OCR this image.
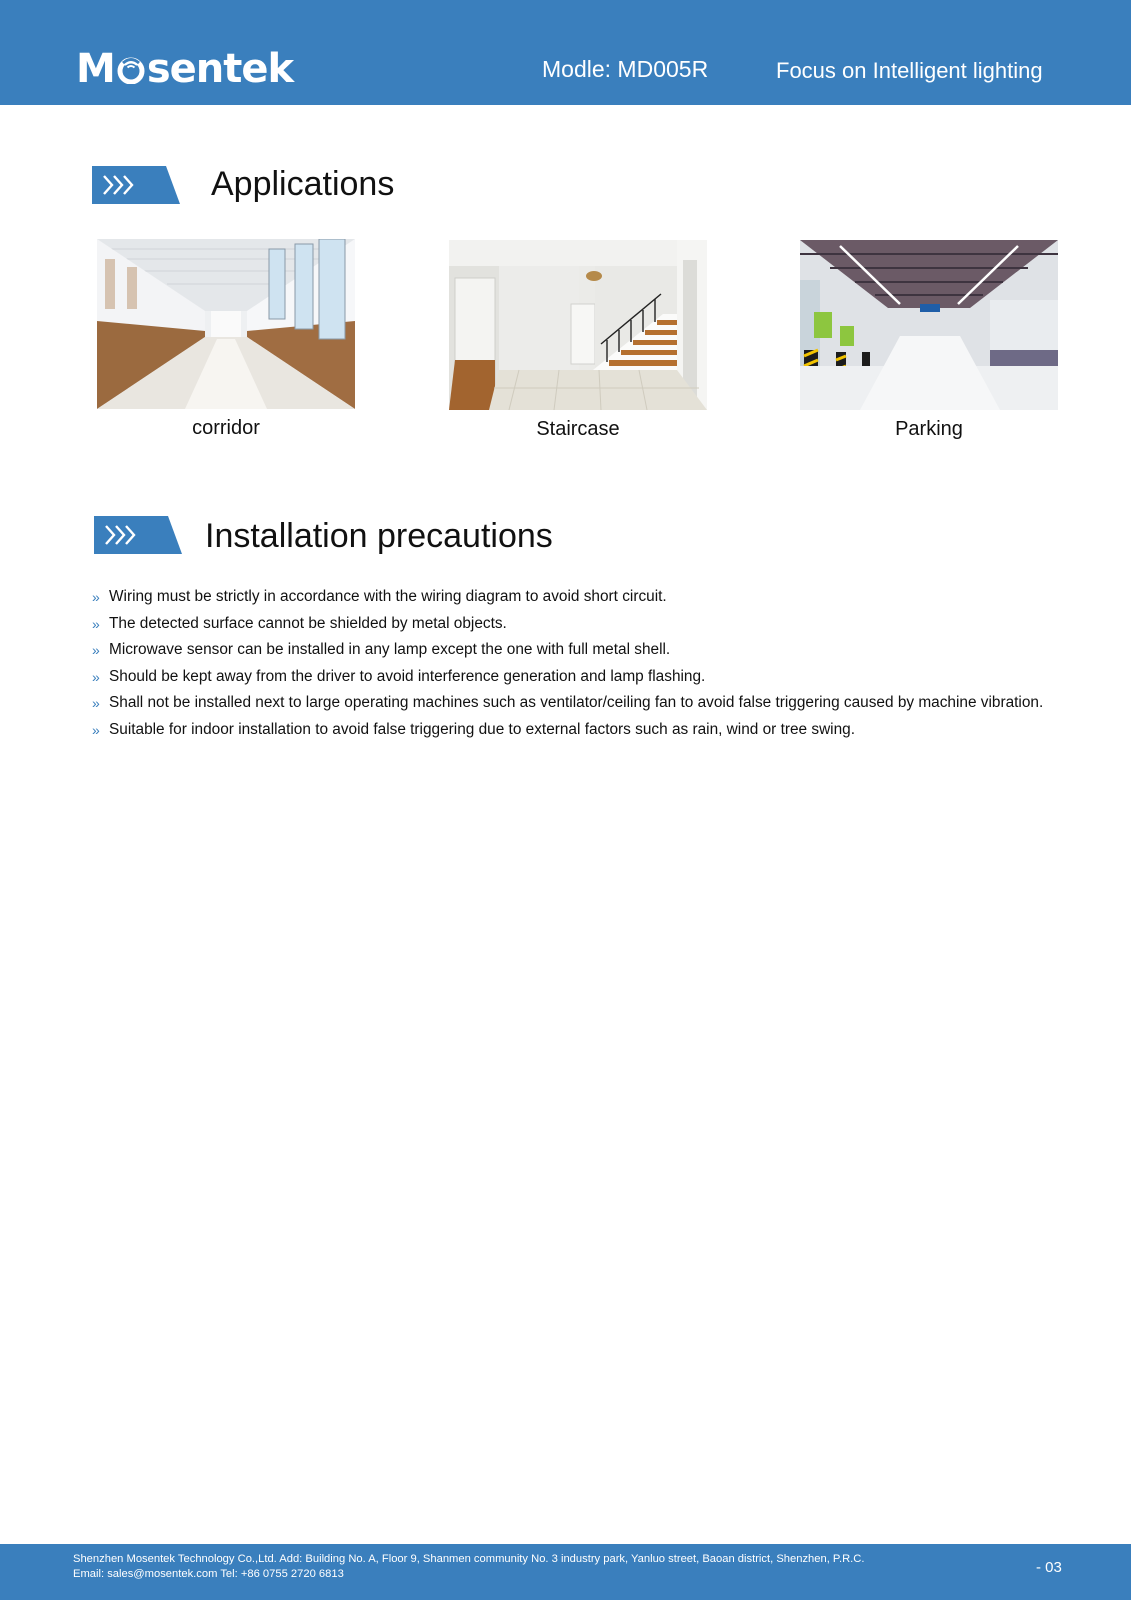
M sentek	Modle: MD005R	Focus on Intelligent lighting
Applications
corridor	Staircase	Parking
Installation precautions
» Wiring must be strictly in accordance with the wiring diagram to avoid short circuit.
» The detected surface cannot be shielded by metal objects.
» Microwave sensor can be installed in any lamp except the one with full metal shell.
» Should be kept away from the driver to avoid interference generation and lamp flashing.
» Shall not be installed next to large operating machines such as ventilator/ceiling fan to avoid false triggering caused by machine vibration.
» Suitable for indoor installation to avoid false triggering due to external factors such as rain, wind or tree swing.
Shenzhen Mosentek Technology Co.,Ltd. Add: Building No. A, Floor 9, Shanmen community No. 3 industry park, Yanluo street, Baoan district, Shenzhen, P.R.C.
Email: sales@mosentek.com Tel: +86 0755 2720 6813	- 03
